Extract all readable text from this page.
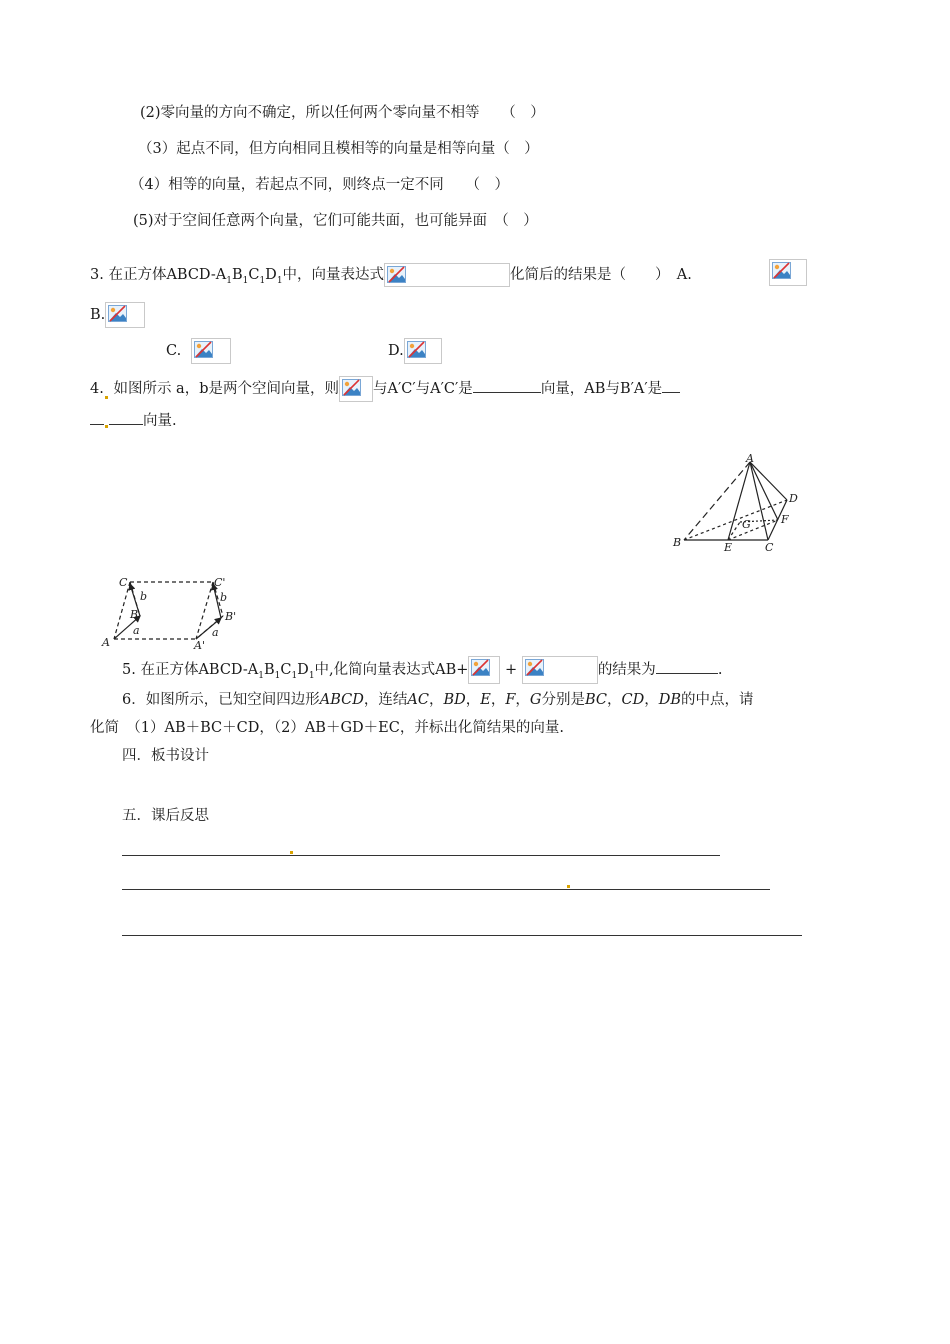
(2)零向量的方向不确定，所以任何两个零向量不相等　　（　）
（3）起点不同，但方向相同且模相等的向量是相等向量（　）
（4）相等的向量，若起点不同，则终点一定不同　　（　）
(5)对于空间任意两个向量，它们可能共面，也可能异面　（　）
3. 在正方体ABCD-$A_1B_1C_1D_1$中，向量表达式	化简后的结果是（　　）　A.
B.
C.	D.
4. 如图所示 a，b是两个空间向量，则 与A′C′与A′C′是	向量，AB与B′A′是
向量.
A
B	C
D
E
F
G
C	C'
B	B'
A	A'
a
b
a
b
5. 在正方体ABCD-$A_1B_1C_1D_1$中,化简向量表达式AB+	+	的结果为	.
6．如图所示，已知空间四边形ABCD，连结AC，BD，E，F，G分别是BC，CD，DB的中点，请
化简　（1）AB＋BC＋CD，（2）AB＋GD＋EC，并标出化简结果的向量.
四．板书设计
五．课后反思
